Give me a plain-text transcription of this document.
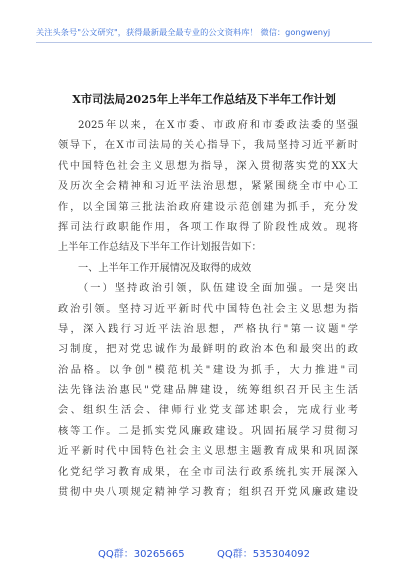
关注头条号"公文研究"，获得最新最全最专业的公文资料库！ 微信：gongwenyj
X市司法局2025年上半年工作总结及下半年工作计划
2025年以来，在X市委、市政府和市委政法委的坚强
领导下，在X市司法局的关心指导下，我局坚持习近平新时
代中国特色社会主义思想为指导，深入贯彻落实党的XX大
及历次全会精神和习近平法治思想，紧紧围绕全市中心工
作，以全国第三批法治政府建设示范创建为抓手，充分发
挥司法行政职能作用，各项工作取得了阶段性成效。现将
上半年工作总结及下半年工作计划报告如下：
一、上半年工作开展情况及取得的成效
（一）坚持政治引领，队伍建设全面加强。一是突出
政治引领。坚持习近平新时代中国特色社会主义思想为指
导，深入践行习近平法治思想，严格执行"第一议题"学
习制度，把对党忠诚作为最鲜明的政治本色和最突出的政
治品格。以争创"模范机关"建设为抓手，大力推进"司
法先锋法治惠民"党建品牌建设，统筹组织召开民主生活
会、组织生活会、律师行业党支部述职会，完成行业考
核等工作。二是抓实党风廉政建设。巩固拓展学习贯彻习
近平新时代中国特色社会主义思想主题教育成果和巩固深
化党纪学习教育成果，在全市司法行政系统扎实开展深入
贯彻中央八项规定精神学习教育；组织召开党风廉政建设
QQ群：30265665	QQ群：535304092
